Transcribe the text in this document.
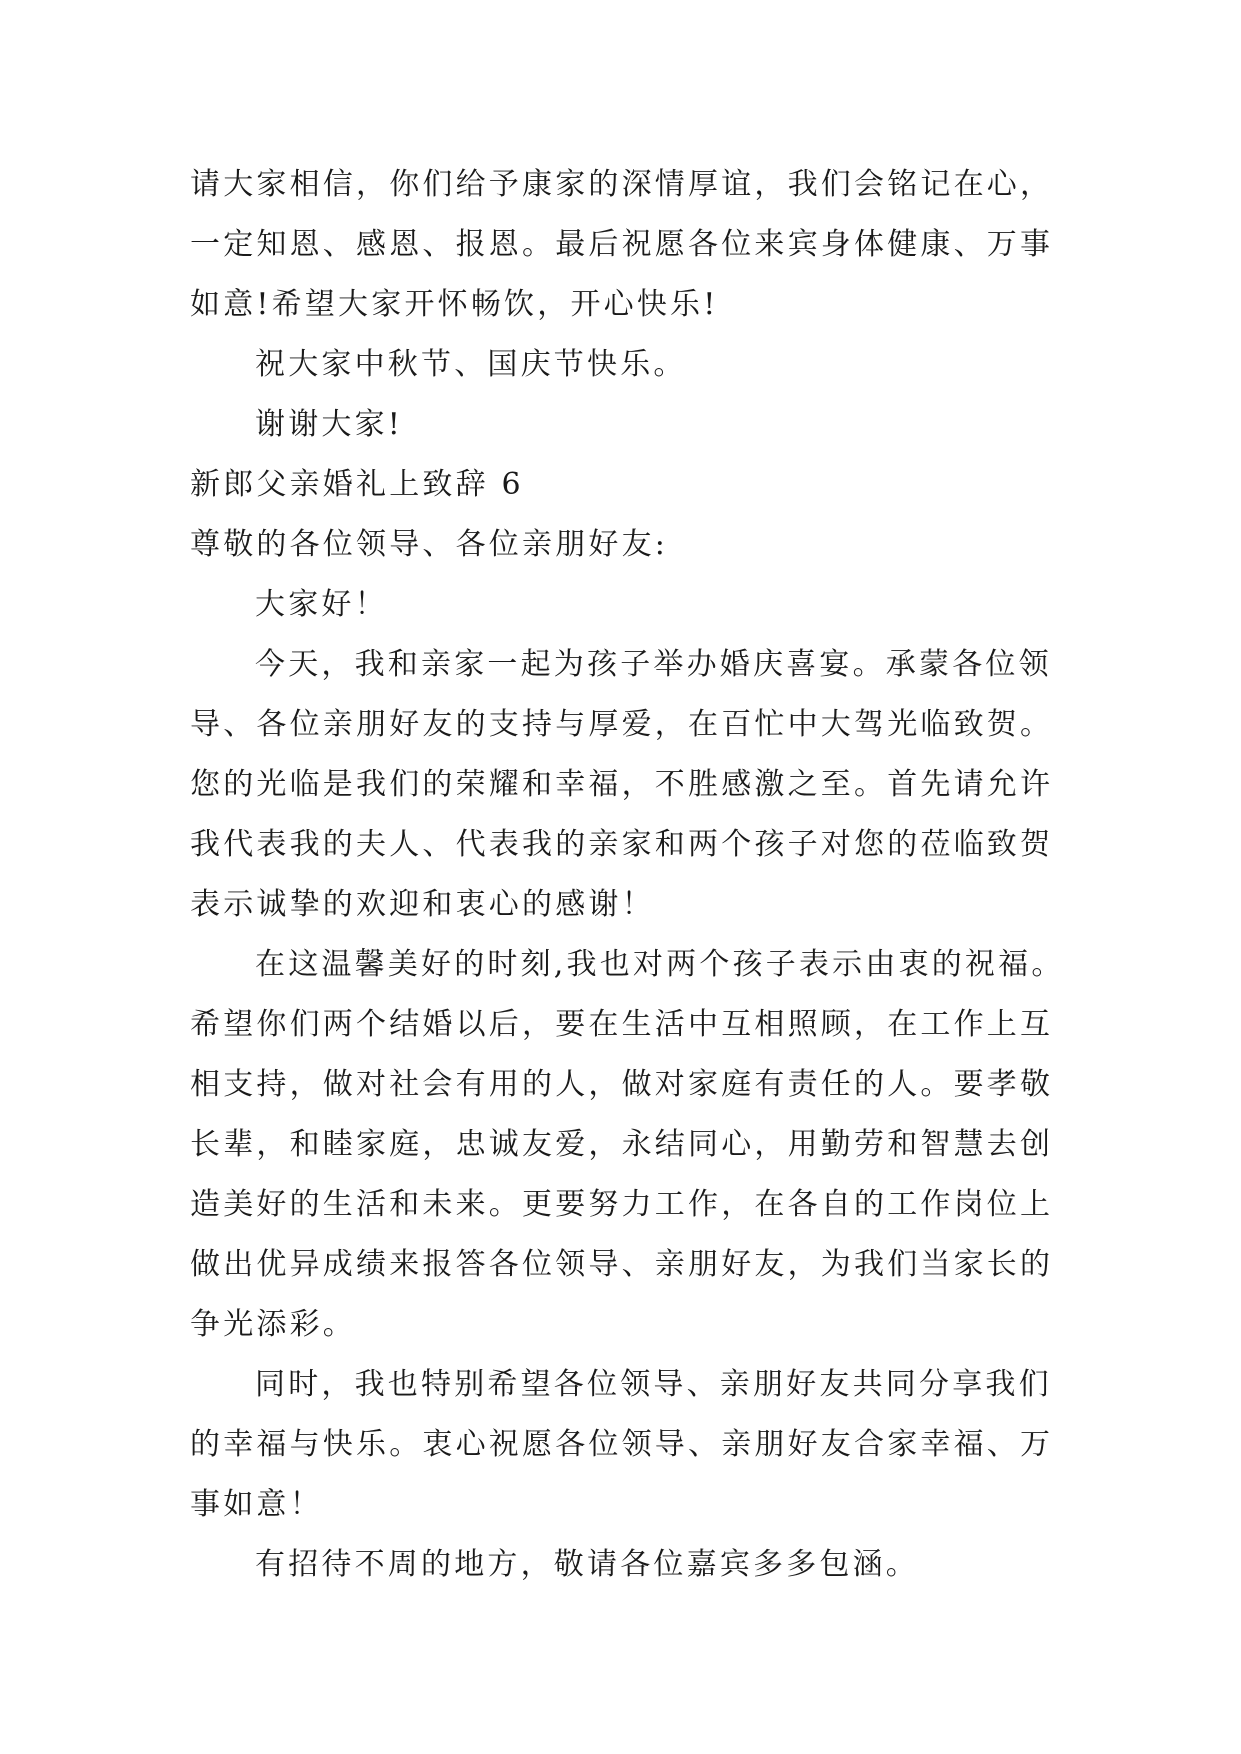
请大家相信，你们给予康家的深情厚谊，我们会铭记在心，
一定知恩、感恩、报恩。最后祝愿各位来宾身体健康、万事
如意!希望大家开怀畅饮，开心快乐!
祝大家中秋节、国庆节快乐。
谢谢大家!
新郎父亲婚礼上致辞 6
尊敬的各位领导、各位亲朋好友:
大家好！
今天，我和亲家一起为孩子举办婚庆喜宴。承蒙各位领
导、各位亲朋好友的支持与厚爱，在百忙中大驾光临致贺。
您的光临是我们的荣耀和幸福，不胜感激之至。首先请允许
我代表我的夫人、代表我的亲家和两个孩子对您的莅临致贺
表示诚挚的欢迎和衷心的感谢！
在这温馨美好的时刻,我也对两个孩子表示由衷的祝福。
希望你们两个结婚以后，要在生活中互相照顾，在工作上互
相支持，做对社会有用的人，做对家庭有责任的人。要孝敬
长辈，和睦家庭，忠诚友爱，永结同心，用勤劳和智慧去创
造美好的生活和未来。更要努力工作，在各自的工作岗位上
做出优异成绩来报答各位领导、亲朋好友，为我们当家长的
争光添彩。
同时，我也特别希望各位领导、亲朋好友共同分享我们
的幸福与快乐。衷心祝愿各位领导、亲朋好友合家幸福、万
事如意！
有招待不周的地方，敬请各位嘉宾多多包涵。
